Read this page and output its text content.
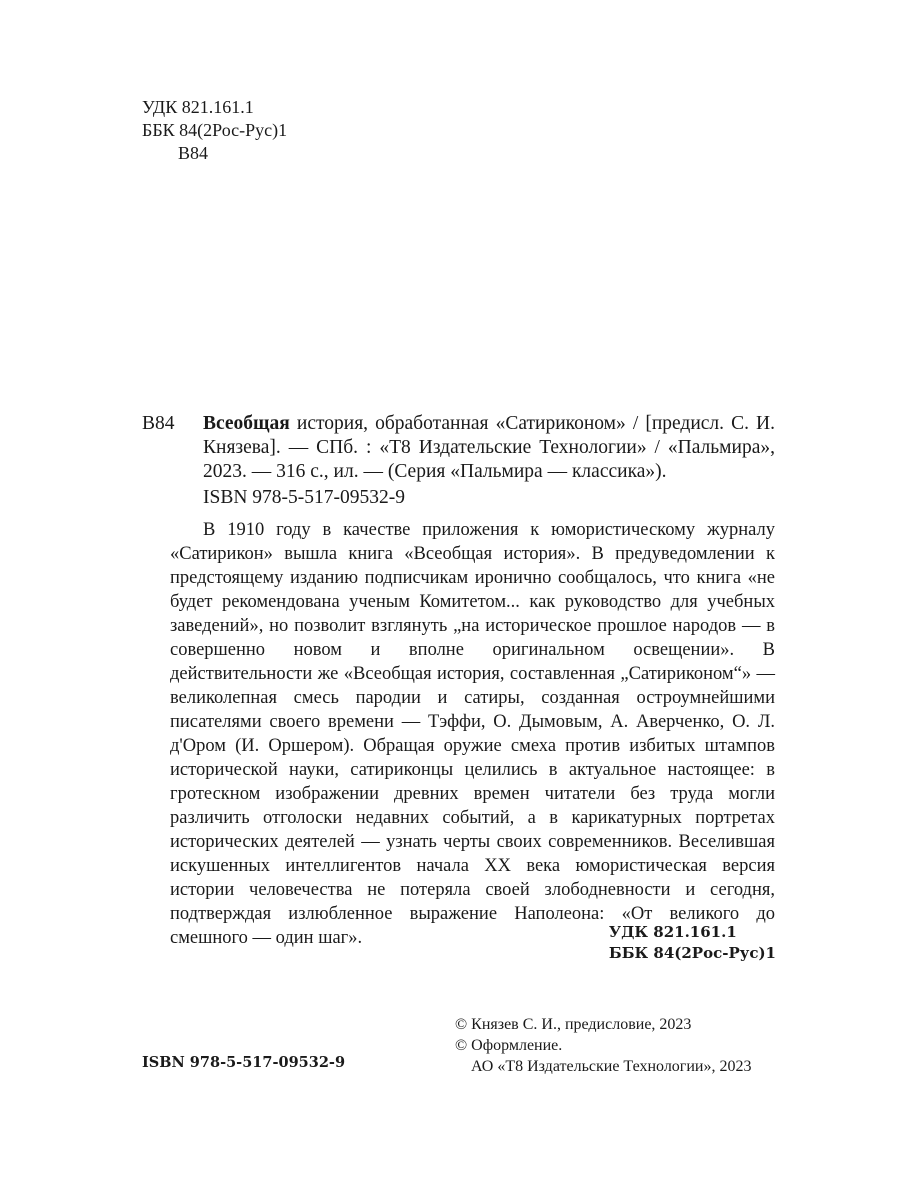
УДК 821.161.1
ББК 84(2Рос-Рус)1
В84
В84 Всеобщая история, обработанная «Сатириконом» / [предисл. С. И. Князева]. — СПб. : «Т8 Издательские Технологии» / «Пальмира», 2023. — 316 с., ил. — (Серия «Пальмира — классика»).
ISBN 978-5-517-09532-9
В 1910 году в качестве приложения к юмористическому журналу «Сатирикон» вышла книга «Всеобщая история». В предуведомлении к предстоящему изданию подписчикам иронично сообщалось, что книга «не будет рекомендована ученым Комитетом... как руководство для учебных заведений», но позволит взглянуть „на историческое прошлое народов — в совершенно новом и вполне оригинальном освещении». В действительности же «Всеобщая история, составленная „Сатириконом“» — великолепная смесь пародии и сатиры, созданная остроумнейшими писателями своего времени — Тэффи, О. Дымовым, А. Аверченко, О. Л. д'Ором (И. Оршером). Обращая оружие смеха против избитых штампов исторической науки, сатириконцы целились в актуальное настоящее: в гротескном изображении древних времен читатели без труда могли различить отголоски недавних событий, а в карикатурных портретах исторических деятелей — узнать черты своих современников. Веселившая искушенных интеллигентов начала XX века юмористическая версия истории человечества не потеряла своей злободневности и сегодня, подтверждая излюбленное выражение Наполеона: «От великого до смешного — один шаг».	УДК 821.161.1
ББК 84(2Рос-Рус)1
ISBN 978-5-517-09532-9
© Князев С. И., предисловие, 2023
© Оформление.
АО «Т8 Издательские Технологии», 2023
